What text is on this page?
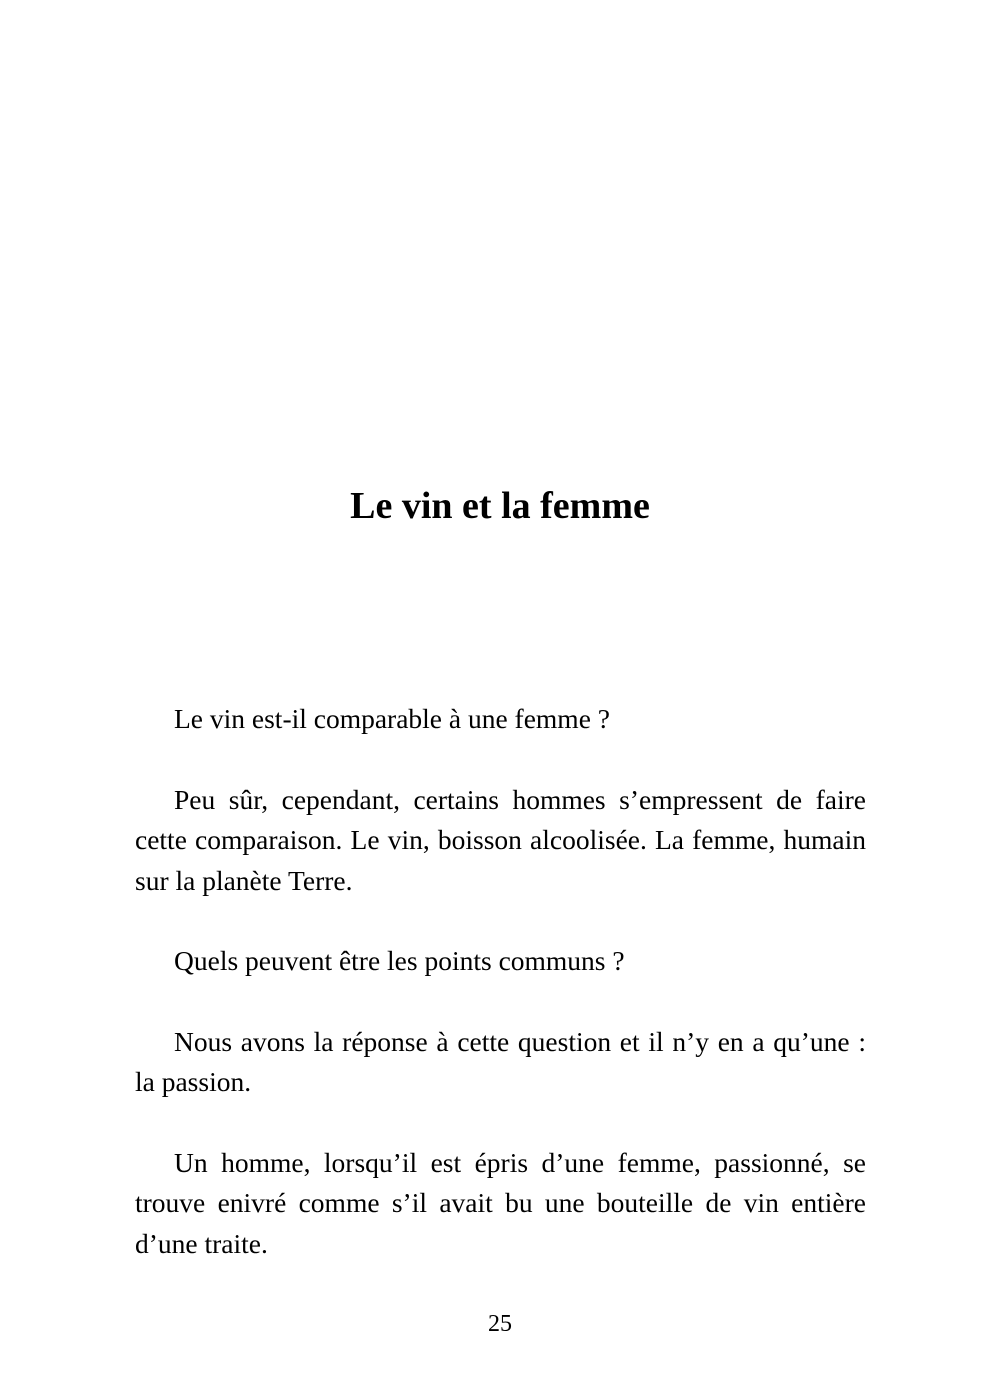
Le vin et la femme

Le vin est-il comparable à une femme ?

Peu sûr, cependant, certains hommes s’empressent de faire cette comparaison. Le vin, boisson alcoolisée. La femme, humain sur la planète Terre.

Quels peuvent être les points communs ?

Nous avons la réponse à cette question et il n’y en a qu’une : la passion.

Un homme, lorsqu’il est épris d’une femme, passionné, se trouve enivré comme s’il avait bu une bouteille de vin entière d’une traite.

25
